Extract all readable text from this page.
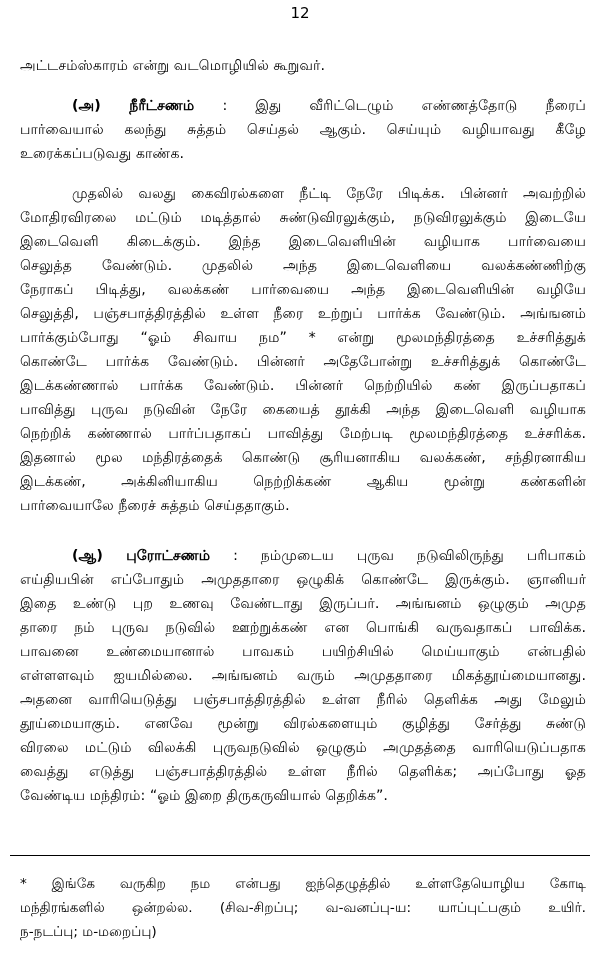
12
அட்டசம்ஸ்காரம் என்று வடமொழியில் கூறுவர்.
(அ) நீரீட்சணம் : இது வீரிட்டெழும் எண்ணத்தோடு நீரைப்
பார்வையால் கலந்து சுத்தம் செய்தல் ஆகும். செய்யும் வழியாவது கீழே
உரைக்கப்படுவது காண்க.
முதலில் வலது கைவிரல்களை நீட்டி நேரே பிடிக்க. பின்னர் அவற்றில்
மோதிரவிரலை மட்டும் மடித்தால் சுண்டுவிரலுக்கும், நடுவிரலுக்கும் இடையே
இடைவெளி கிடைக்கும். இந்த இடைவெளியின் வழியாக பார்வையை
செலுத்த வேண்டும். முதலில் அந்த இடைவெளியை வலக்கண்ணிற்கு
நேராகப் பிடித்து, வலக்கண் பார்வையை அந்த இடைவெளியின் வழியே
செலுத்தி, பஞ்சபாத்திரத்தில் உள்ள நீரை உற்றுப் பார்க்க வேண்டும். அங்ஙனம்
பார்க்கும்போது “ஓம் சிவாய நம” * என்று மூலமந்திரத்தை உச்சரித்துக்
கொண்டே பார்க்க வேண்டும். பின்னர் அதேபோன்று உச்சரித்துக் கொண்டே
இடக்கண்ணால் பார்க்க வேண்டும். பின்னர் நெற்றியில் கண் இருப்பதாகப்
பாவித்து புருவ நடுவின் நேரே கையைத் தூக்கி அந்த இடைவெளி வழியாக
நெற்றிக் கண்ணால் பார்ப்பதாகப் பாவித்து மேற்படி மூலமந்திரத்தை உச்சரிக்க.
இதனால் மூல மந்திரத்தைக் கொண்டு சூரியனாகிய வலக்கண், சந்திரனாகிய
இடக்கண், அக்கினியாகிய நெற்றிக்கண் ஆகிய மூன்று கண்களின்
பார்வையாலே நீரைச் சுத்தம் செய்ததாகும்.
(ஆ) புரோட்சணம் : நம்முடைய புருவ நடுவிலிருந்து பரிபாகம்
எய்தியபின் எப்போதும் அமுததாரை ஒழுகிக் கொண்டே இருக்கும். ஞானியர்
இதை உண்டு புற உணவு வேண்டாது இருப்பர். அங்ஙனம் ஒழுகும் அமுத
தாரை நம் புருவ நடுவில் ஊற்றுக்கண் என பொங்கி வருவதாகப் பாவிக்க.
பாவனை உண்மையானால் பாவகம் பயிற்சியில் மெய்யாகும் என்பதில்
எள்ளளவும் ஐயமில்லை. அங்ஙனம் வரும் அமுததாரை மிகத்தூய்மையானது.
அதனை வாரியெடுத்து பஞ்சபாத்திரத்தில் உள்ள நீரில் தெளிக்க அது மேலும்
தூய்மையாகும். எனவே மூன்று விரல்களையும் குழித்து சேர்த்து சுண்டு
விரலை மட்டும் விலக்கி புருவநடுவில் ஒழுகும் அமுதத்தை வாரியெடுப்பதாக
வைத்து எடுத்து பஞ்சபாத்திரத்தில் உள்ள நீரில் தெளிக்க; அப்போது ஓத
வேண்டிய மந்திரம்: “ஓம் இறை திருகருவியால் தெறிக்க”.
* இங்கே வருகிற நம என்பது ஐந்தெழுத்தில் உள்ளதேயொழிய கோடி
மந்திரங்களில் ஒன்றல்ல. (சிவ-சிறப்பு; வ-வனப்பு-ய: யாப்புட்பகும் உயிர்.
ந-நடப்பு; ம-மறைப்பு)
